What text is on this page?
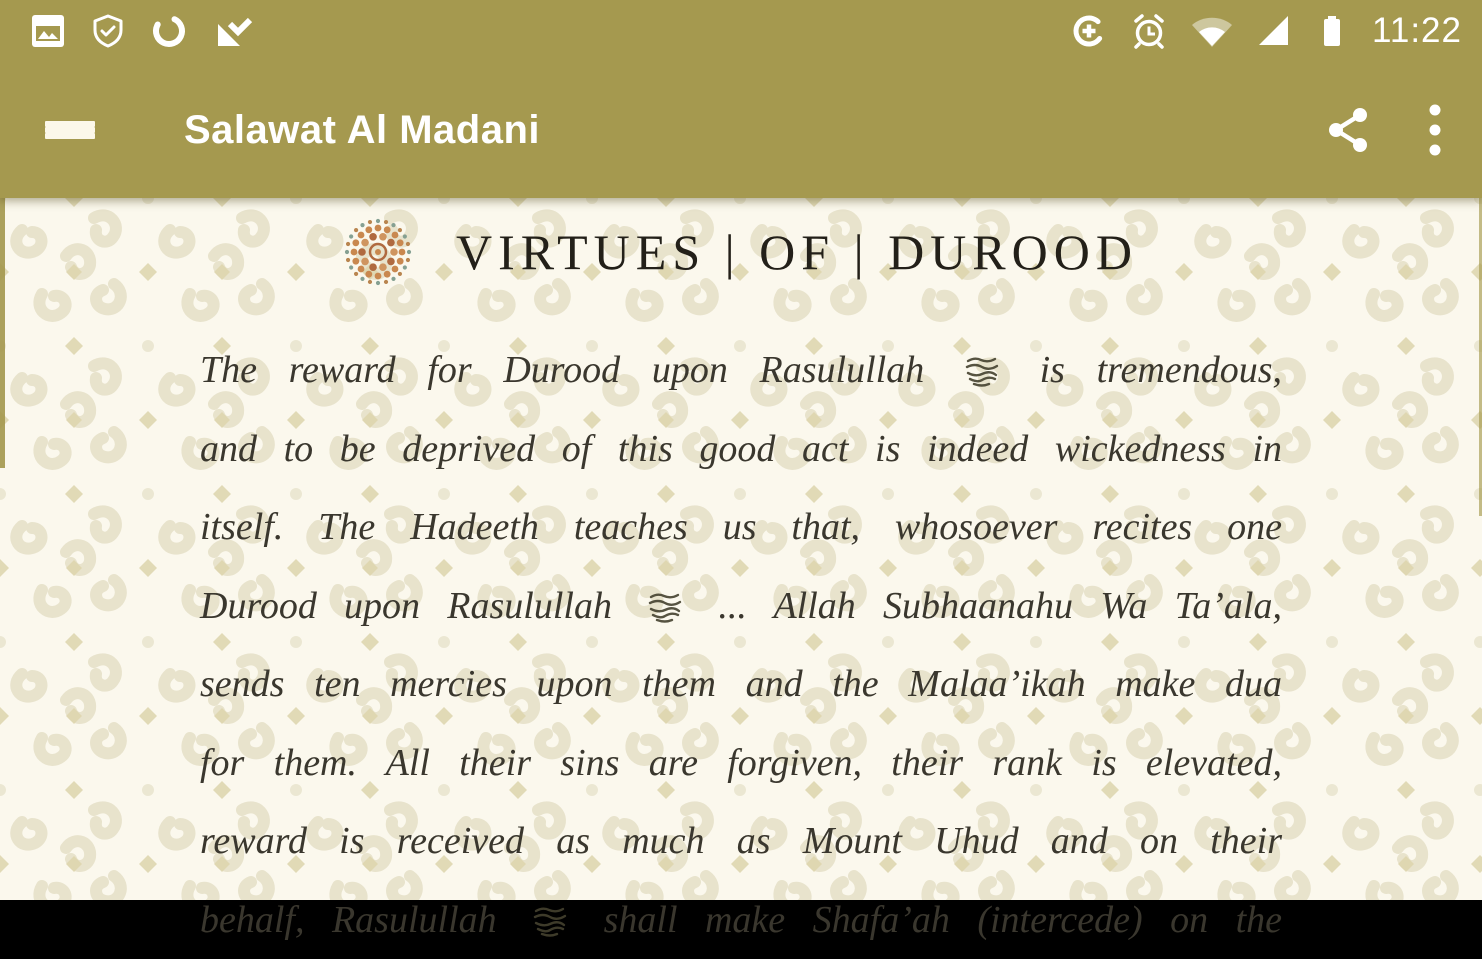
11:22
Salawat Al Madani
VIRTUES | OF | DUROOD
The reward for Durood upon Rasulullah  is tremendous,
and to be deprived of this good act is indeed wickedness in
itself. The Hadeeth teaches us that, whosoever recites one
Durood upon Rasulullah  ... Allah Subhaanahu Wa Ta’ala,
sends ten mercies upon them and the Malaa’ikah make dua
for them. All their sins are forgiven, their rank is elevated,
reward is received as much as Mount Uhud and on their
behalf, Rasulullah  shall make Shafa’ah (intercede) on the
